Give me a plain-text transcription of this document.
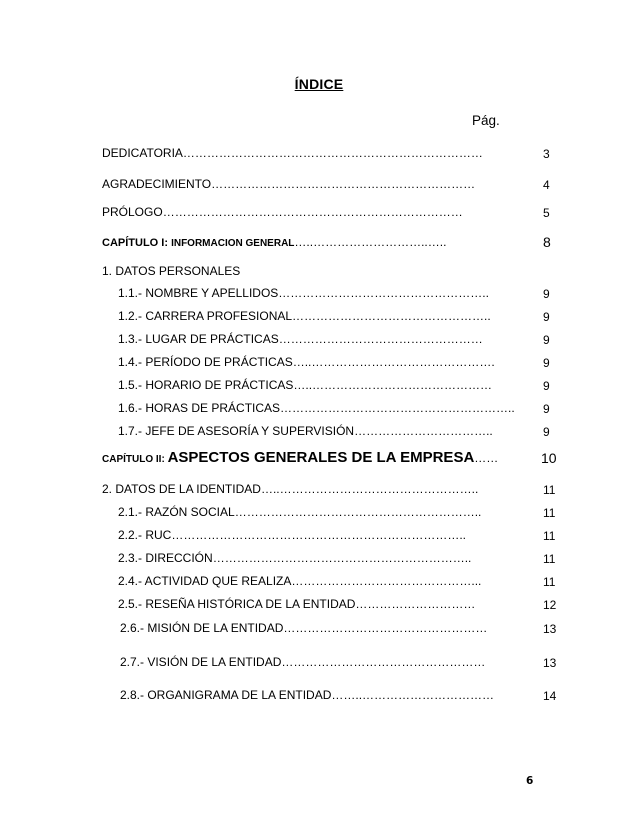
ÍNDICE
Pág.
DEDICATORIA …………………………………………………………………	3
AGRADECIMIENTO …………………………………………………………	4
PRÓLOGO …………………………………………………………………	5
CAPÍTULO I: INFORMACION GENERAL …..………………………..…..	8
1. DATOS PERSONALES
1.1.- NOMBRE Y APELLIDOS ……………………………………………..	9
1.2.- CARRERA PROFESIONAL …………………………………………..	9
1.3.- LUGAR DE PRÁCTICAS ……………………………………………	9
1.4.- PERÍODO DE PRÁCTICAS …..……………………………………….	9
1.5.- HORARIO DE PRÁCTICAS …..………………………………………	9
1.6.- HORAS DE PRÁCTICAS ………………………………………………….. 9
1.7.- JEFE DE ASESORÍA Y SUPERVISIÓN ……………………………..	9
CAPÍTULO II: ASPECTOS GENERALES DE LA EMPRESA ……	10
2. DATOS DE LA IDENTIDAD …..…………………………………………..	11
2.1.- RAZÓN SOCIAL ……………………………………………………..	11
2.2.- RUC ………………………………………………………………..	11
2.3.- DIRECCIÓN ………………………………………………………..	11
2.4.- ACTIVIDAD QUE REALIZA ………………………………………...	11
2.5.- RESEÑA HISTÓRICA DE LA ENTIDAD …………………………	12
2.6.- MISIÓN DE LA ENTIDAD ……………………………………………	13
2.7.- VISIÓN DE LA ENTIDAD ……………………………………………	13
2.8.- ORGANIGRAMA DE LA ENTIDAD ……..……………………………	14
6
